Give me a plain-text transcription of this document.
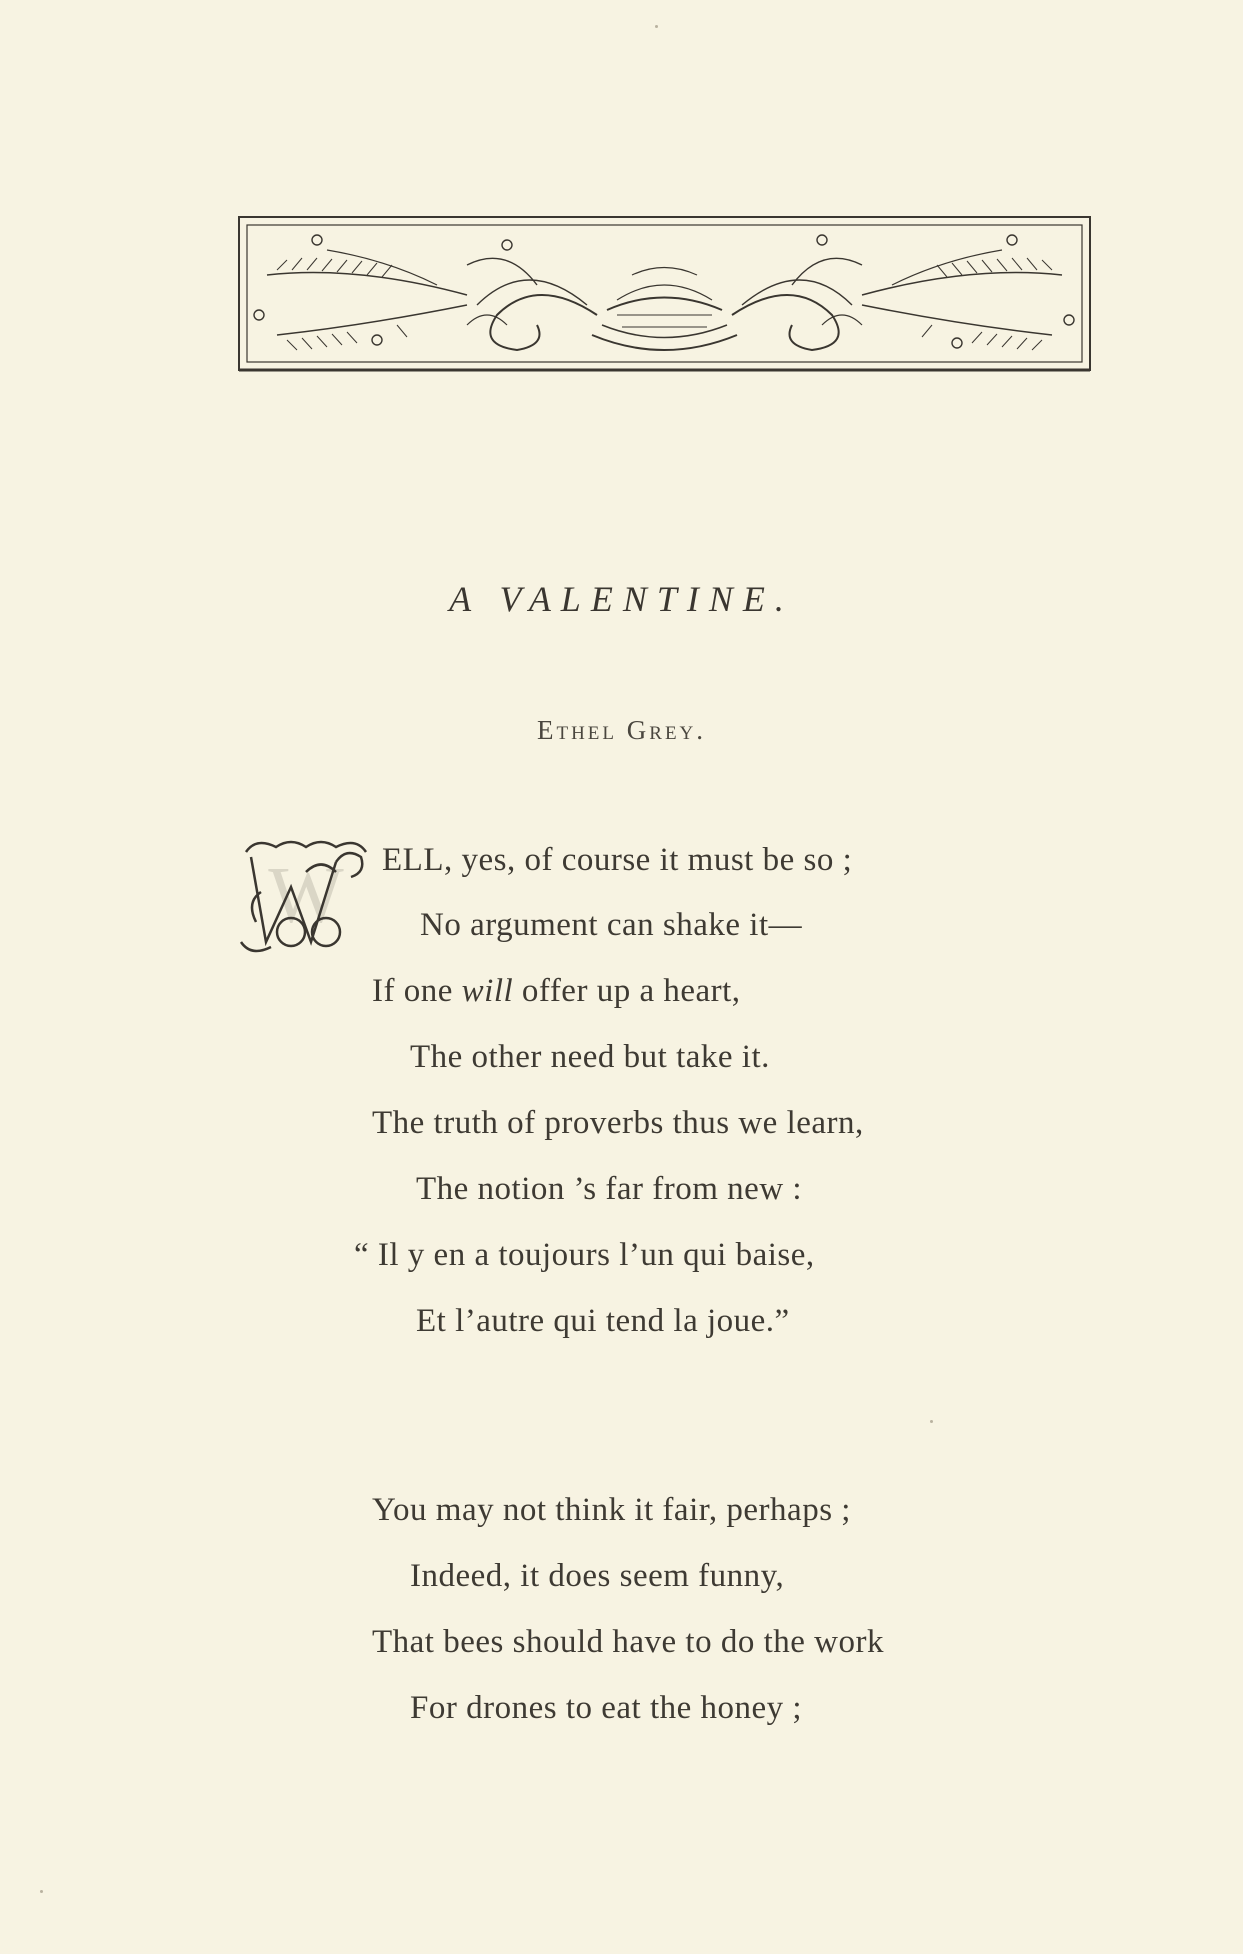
A VALENTINE.
Ethel Grey.
W ELL, yes, of course it must be so ;
No argument can shake it—
If one will offer up a heart,
The other need but take it.
The truth of proverbs thus we learn,
The notion ’s far from new :
“ Il y en a toujours l’un qui baise,
Et l’autre qui tend la joue.”
You may not think it fair, perhaps ;
Indeed, it does seem funny,
That bees should have to do the work
For drones to eat the honey ;
